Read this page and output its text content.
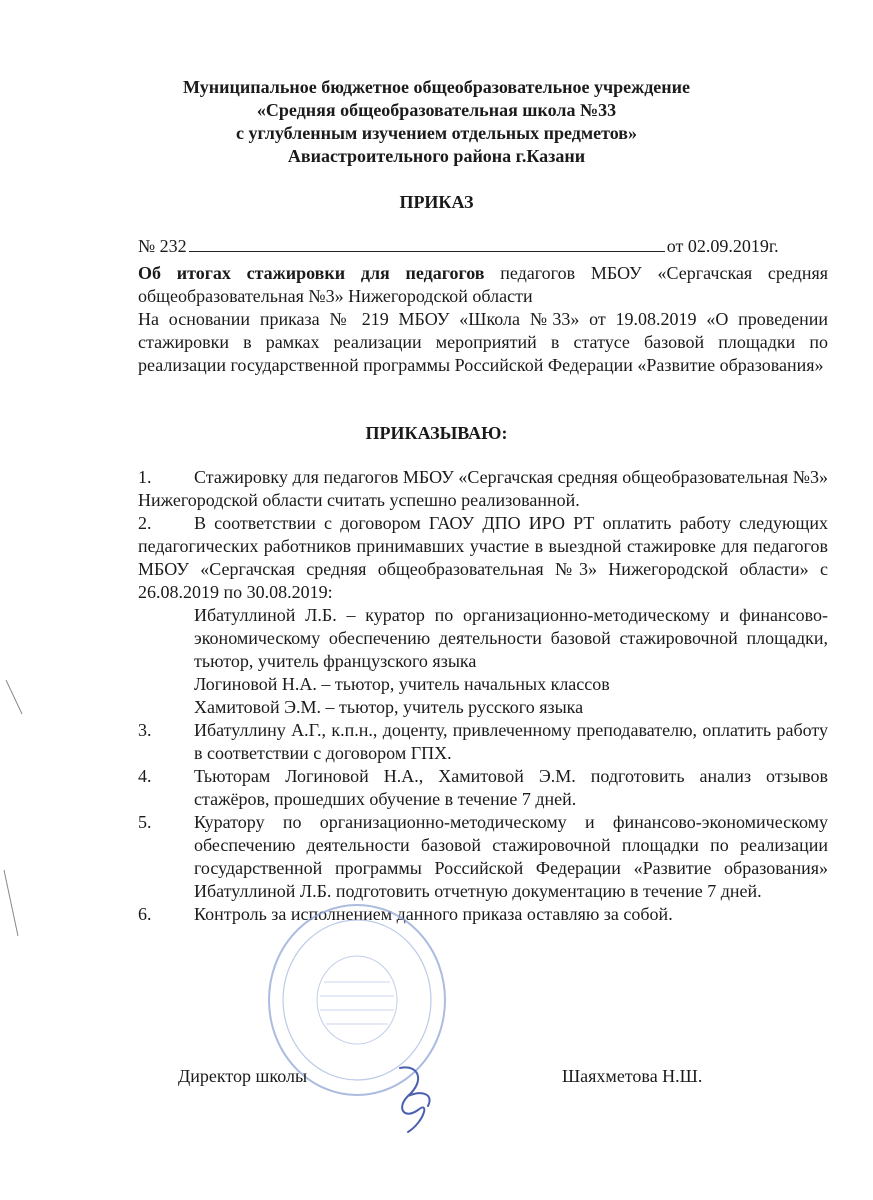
Муниципальное бюджетное общеобразовательное учреждение
«Средняя общеобразовательная школа №33
с углубленным изучением отдельных предметов»
Авиастроительного района г.Казани
ПРИКАЗ
№ 232	от 02.09.2019г.
Об итогах стажировки для педагогов педагогов МБОУ «Сергачская средняя общеобразовательная №3» Нижегородской области
На основании приказа № 219 МБОУ «Школа №33» от 19.08.2019 «О проведении стажировки в рамках реализации мероприятий в статусе базовой площадки по реализации государственной программы Российской Федерации «Развитие образования»
ПРИКАЗЫВАЮ:
1.	Стажировку для педагогов МБОУ «Сергачская средняя общеобразовательная №3» Нижегородской области считать успешно реализованной.
2.	В соответствии с договором ГАОУ ДПО ИРО РТ оплатить работу следующих педагогических работников принимавших участие в выездной стажировке для педагогов МБОУ «Сергачская средняя общеобразовательная №3» Нижегородской области» с 26.08.2019 по 30.08.2019:
Ибатуллиной Л.Б. – куратор по организационно-методическому и финансово-экономическому обеспечению деятельности базовой стажировочной площадки, тьютор, учитель французского языка
Логиновой Н.А. – тьютор, учитель начальных классов
Хамитовой Э.М. – тьютор, учитель русского языка
3. Ибатуллину А.Г., к.п.н., доценту, привлеченному преподавателю, оплатить работу в соответствии с договором ГПХ.
4. Тьюторам Логиновой Н.А., Хамитовой Э.М. подготовить анализ отзывов стажёров, прошедших обучение в течение 7 дней.
5. Куратору по организационно-методическому и финансово-экономическому обеспечению деятельности базовой стажировочной площадки по реализации государственной программы Российской Федерации «Развитие образования» Ибатуллиной Л.Б. подготовить отчетную документацию в течение 7 дней.
6. Контроль за исполнением данного приказа оставляю за собой.
Директор школы	Шаяхметова Н.Ш.
